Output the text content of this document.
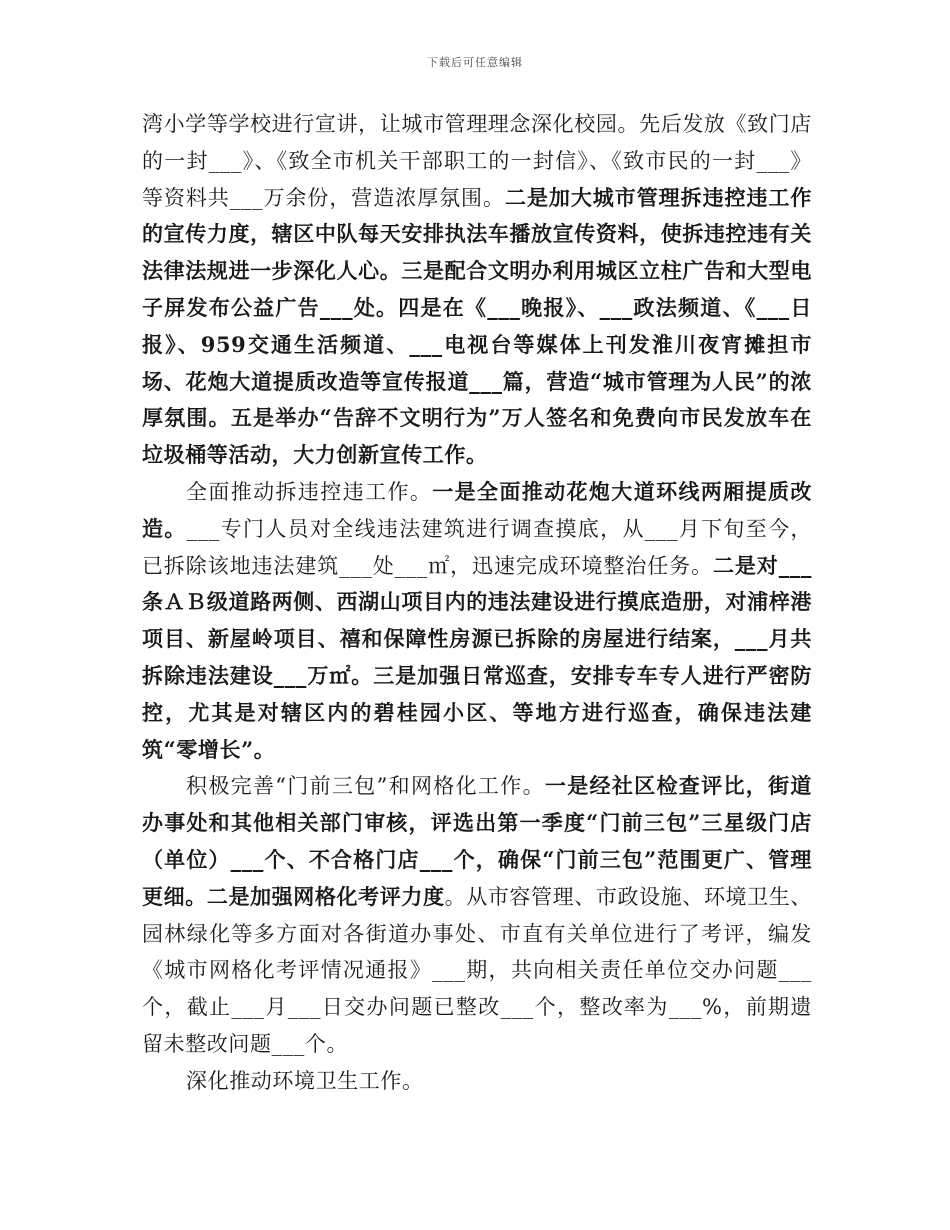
下载后可任意编辑

湾小学等学校进行宣讲，让城市管理理念深化校园。先后发放《致门店的一封___》、《致全市机关干部职工的一封信》、《致市民的一封___》等资料共___万余份，营造浓厚氛围。二是加大城市管理拆违控违工作的宣传力度，辖区中队每天安排执法车播放宣传资料，使拆违控违有关法律法规进一步深化人心。三是配合文明办利用城区立柱广告和大型电子屏发布公益广告___处。四是在《___晚报》、___政法频道、《___日报》、959交通生活频道、___电视台等媒体上刊发淮川夜宵摊担市场、花炮大道提质改造等宣传报道___篇，营造“城市管理为人民”的浓厚氛围。五是举办“告辞不文明行为”万人签名和免费向市民发放车在垃圾桶等活动，大力创新宣传工作。

全面推动拆违控违工作。一是全面推动花炮大道环线两厢提质改造。___专门人员对全线违法建筑进行调查摸底，从___月下旬至今，已拆除该地违法建筑___处___㎡，迅速完成环境整治任务。二是对___条ＡＢ级道路两侧、西湖山项目内的违法建设进行摸底造册，对浦梓港项目、新屋岭项目、禧和保障性房源已拆除的房屋进行结案，___月共拆除违法建设___万㎡。三是加强日常巡查，安排专车专人进行严密防控，尤其是对辖区内的碧桂园小区、等地方进行巡查，确保违法建筑“零增长”。

积极完善“门前三包”和网格化工作。一是经社区检查评比，街道办事处和其他相关部门审核，评选出第一季度“门前三包”三星级门店（单位）___个、不合格门店___个，确保“门前三包”范围更广、管理更细。二是加强网格化考评力度。从市容管理、市政设施、环境卫生、园林绿化等多方面对各街道办事处、市直有关单位进行了考评，编发《城市网格化考评情况通报》___期，共向相关责任单位交办问题___个，截止___月___日交办问题已整改___个，整改率为___%，前期遗留未整改问题___个。

深化推动环境卫生工作。
